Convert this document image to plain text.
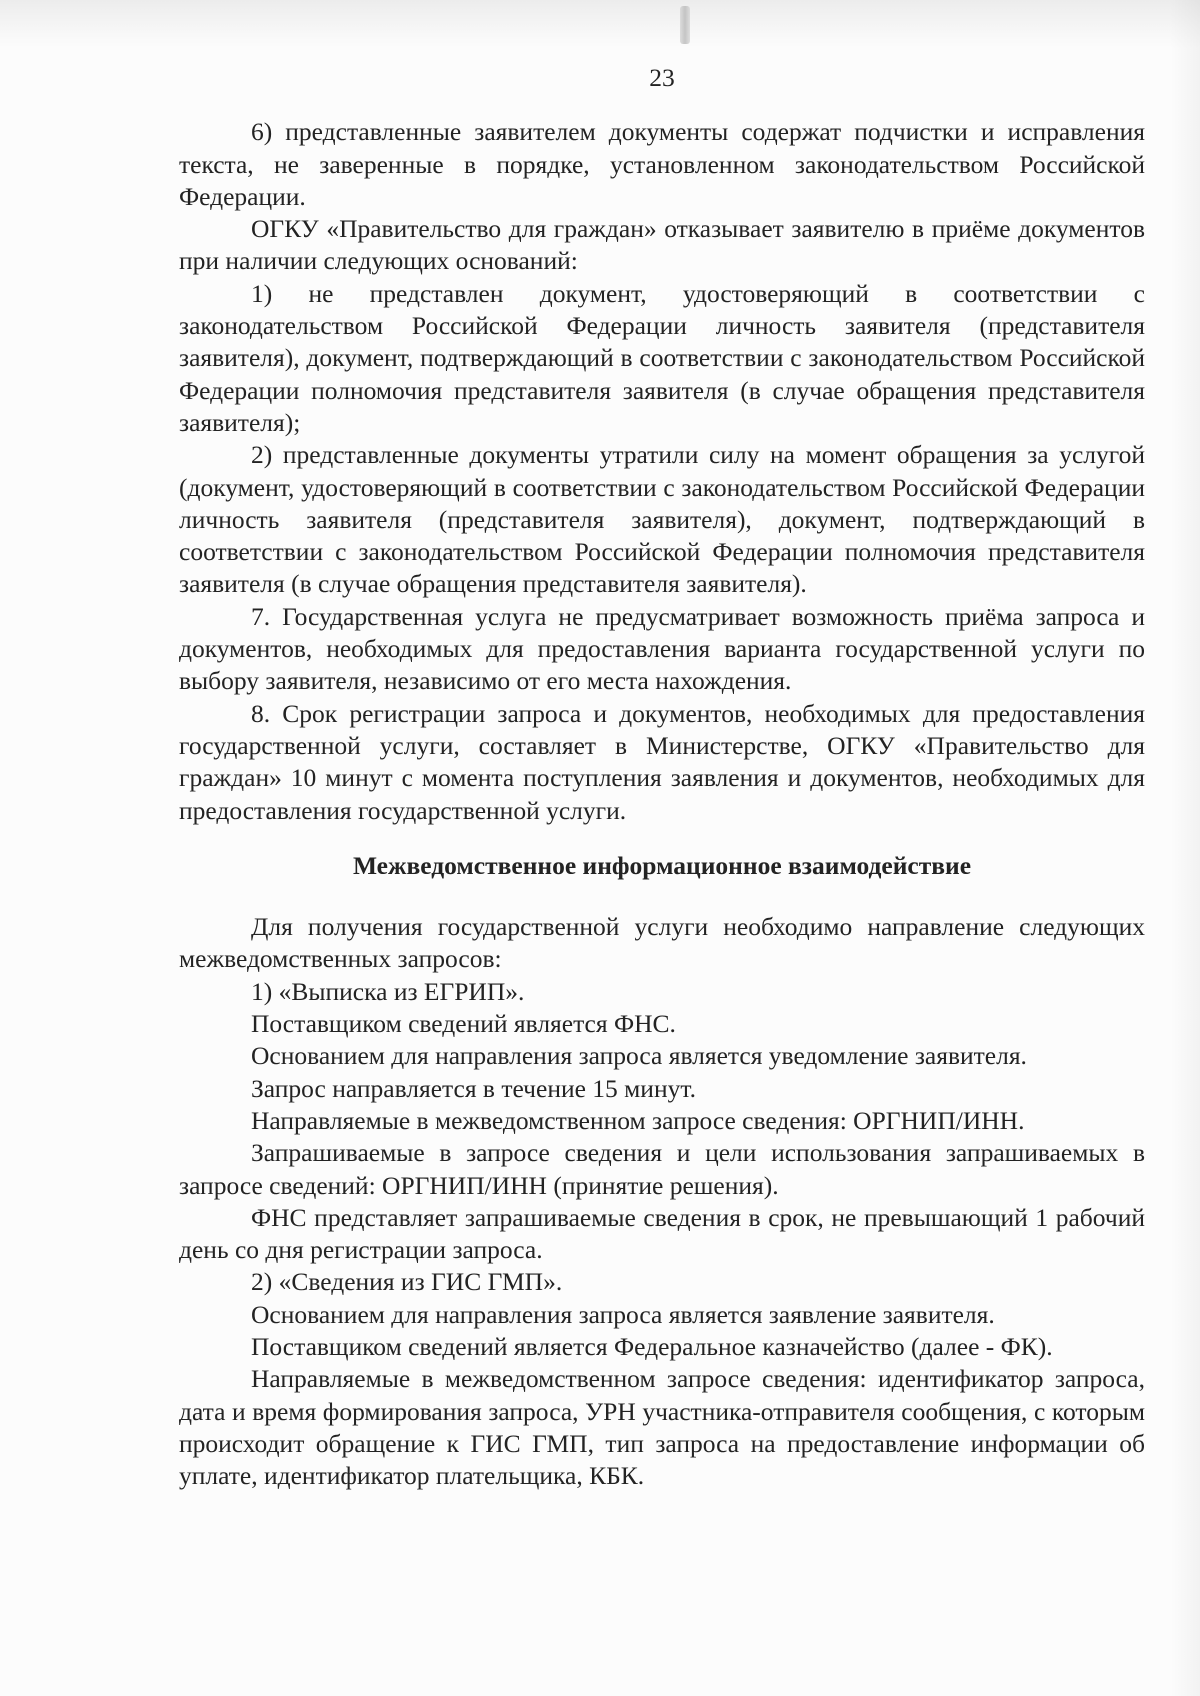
23

6) представленные заявителем документы содержат подчистки и исправления текста, не заверенные в порядке, установленном законодательством Российской Федерации.

ОГКУ «Правительство для граждан» отказывает заявителю в приёме документов при наличии следующих оснований:

1) не представлен документ, удостоверяющий в соответствии с законодательством Российской Федерации личность заявителя (представителя заявителя), документ, подтверждающий в соответствии с законодательством Российской Федерации полномочия представителя заявителя (в случае обращения представителя заявителя);

2) представленные документы утратили силу на момент обращения за услугой (документ, удостоверяющий в соответствии с законодательством Российской Федерации личность заявителя (представителя заявителя), документ, подтверждающий в соответствии с законодательством Российской Федерации полномочия представителя заявителя (в случае обращения представителя заявителя).

7. Государственная услуга не предусматривает возможность приёма запроса и документов, необходимых для предоставления варианта государственной услуги по выбору заявителя, независимо от его места нахождения.

8. Срок регистрации запроса и документов, необходимых для предоставления государственной услуги, составляет в Министерстве, ОГКУ «Правительство для граждан» 10 минут с момента поступления заявления и документов, необходимых для предоставления государственной услуги.

Межведомственное информационное взаимодействие

Для получения государственной услуги необходимо направление следующих межведомственных запросов:

1) «Выписка из ЕГРИП».

Поставщиком сведений является ФНС.

Основанием для направления запроса является уведомление заявителя.

Запрос направляется в течение 15 минут.

Направляемые в межведомственном запросе сведения: ОРГНИП/ИНН.

Запрашиваемые в запросе сведения и цели использования запрашиваемых в запросе сведений: ОРГНИП/ИНН (принятие решения).

ФНС представляет запрашиваемые сведения в срок, не превышающий 1 рабочий день со дня регистрации запроса.

2) «Сведения из ГИС ГМП».

Основанием для направления запроса является заявление заявителя.

Поставщиком сведений является Федеральное казначейство (далее - ФК).

Направляемые в межведомственном запросе сведения: идентификатор запроса, дата и время формирования запроса, УРН участника-отправителя сообщения, с которым происходит обращение к ГИС ГМП, тип запроса на предоставление информации об уплате, идентификатор плательщика, КБК.
